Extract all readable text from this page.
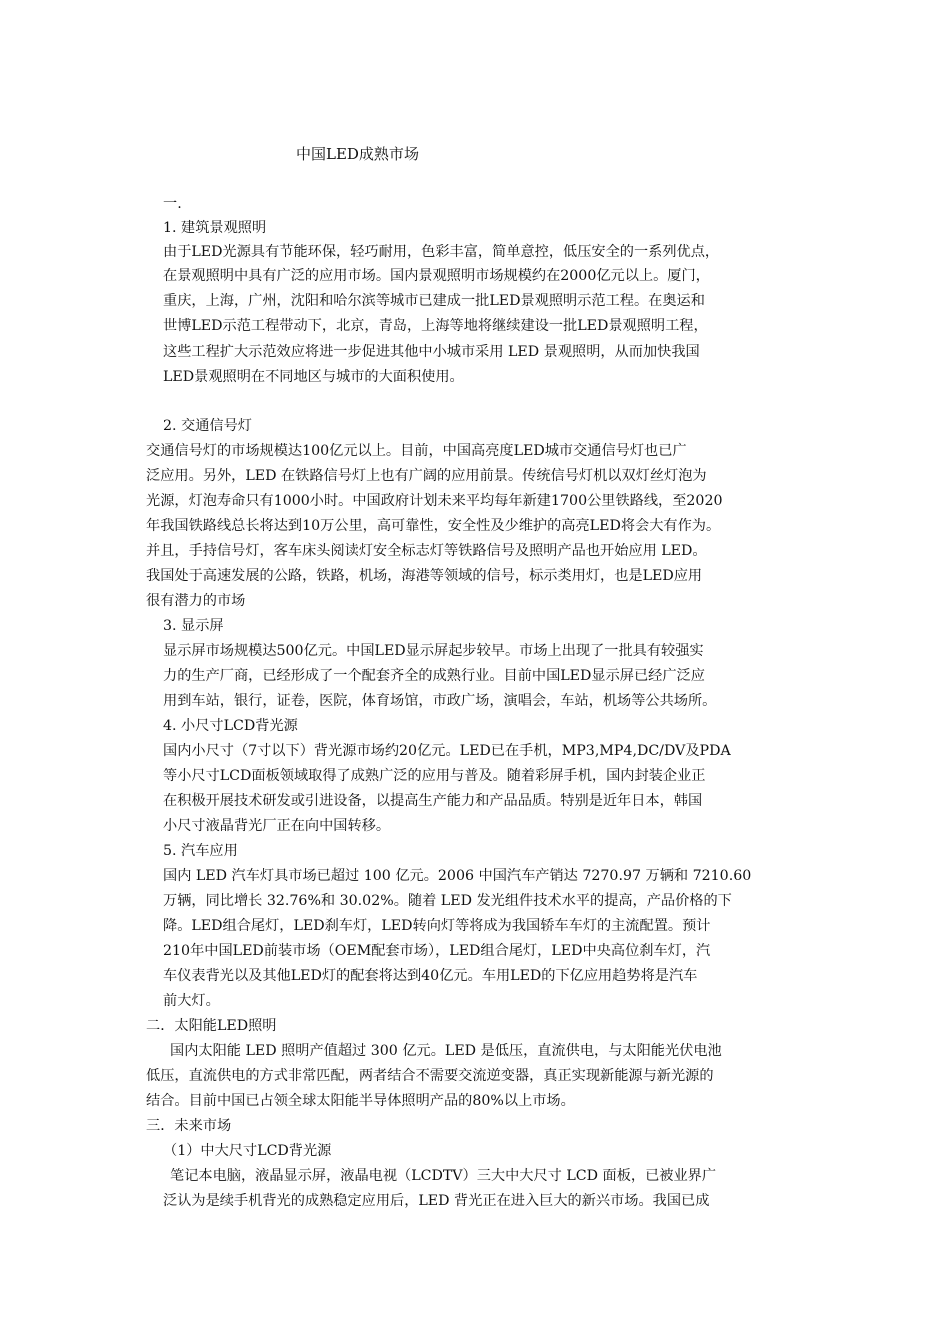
中国LED成熟市场
一.
1. 建筑景观照明
由于LED光源具有节能环保，轻巧耐用，色彩丰富，简单意控，低压安全的一系列优点，
在景观照明中具有广泛的应用市场。国内景观照明市场规模约在2000亿元以上。厦门，
重庆，上海，广州，沈阳和哈尔滨等城市已建成一批LED景观照明示范工程。在奥运和
世博LED示范工程带动下，北京，青岛，上海等地将继续建设一批LED景观照明工程，
这些工程扩大示范效应将进一步促进其他中小城市采用 LED 景观照明，从而加快我国
LED景观照明在不同地区与城市的大面积使用。
2. 交通信号灯
交通信号灯的市场规模达100亿元以上。目前，中国高亮度LED城市交通信号灯也已广
泛应用。另外，LED 在铁路信号灯上也有广阔的应用前景。传统信号灯机以双灯丝灯泡为
光源，灯泡寿命只有1000小时。中国政府计划未来平均每年新建1700公里铁路线，至2020
年我国铁路线总长将达到10万公里，高可靠性，安全性及少维护的高亮LED将会大有作为。
并且，手持信号灯，客车床头阅读灯安全标志灯等铁路信号及照明产品也开始应用 LED。
我国处于高速发展的公路，铁路，机场，海港等领域的信号，标示类用灯，也是LED应用
很有潜力的市场
3. 显示屏
显示屏市场规模达500亿元。中国LED显示屏起步较早。市场上出现了一批具有较强实
力的生产厂商，已经形成了一个配套齐全的成熟行业。目前中国LED显示屏已经广泛应
用到车站，银行，证卷，医院，体育场馆，市政广场，演唱会，车站，机场等公共场所。
4. 小尺寸LCD背光源
国内小尺寸（7寸以下）背光源市场约20亿元。LED已在手机，MP3,MP4,DC/DV及PDA
等小尺寸LCD面板领域取得了成熟广泛的应用与普及。随着彩屏手机，国内封装企业正
在积极开展技术研发或引进设备，以提高生产能力和产品品质。特别是近年日本，韩国
小尺寸液晶背光厂正在向中国转移。
5. 汽车应用
国内 LED 汽车灯具市场已超过 100 亿元。2006 中国汽车产销达 7270.97 万辆和 7210.60
万辆，同比增长 32.76%和 30.02%。随着 LED 发光组件技术水平的提高，产品价格的下
降。LED组合尾灯，LED刹车灯，LED转向灯等将成为我国轿车车灯的主流配置。预计
210年中国LED前装市场（OEM配套市场），LED组合尾灯，LED中央高位刹车灯，汽
车仪表背光以及其他LED灯的配套将达到40亿元。车用LED的下亿应用趋势将是汽车
前大灯。
二．太阳能LED照明
国内太阳能 LED 照明产值超过 300 亿元。LED 是低压，直流供电，与太阳能光伏电池
低压，直流供电的方式非常匹配，两者结合不需要交流逆变器，真正实现新能源与新光源的
结合。目前中国已占领全球太阳能半导体照明产品的80%以上市场。
三．未来市场
（1）中大尺寸LCD背光源
笔记本电脑，液晶显示屏，液晶电视（LCDTV）三大中大尺寸 LCD 面板，已被业界广
泛认为是续手机背光的成熟稳定应用后，LED 背光正在进入巨大的新兴市场。我国已成
